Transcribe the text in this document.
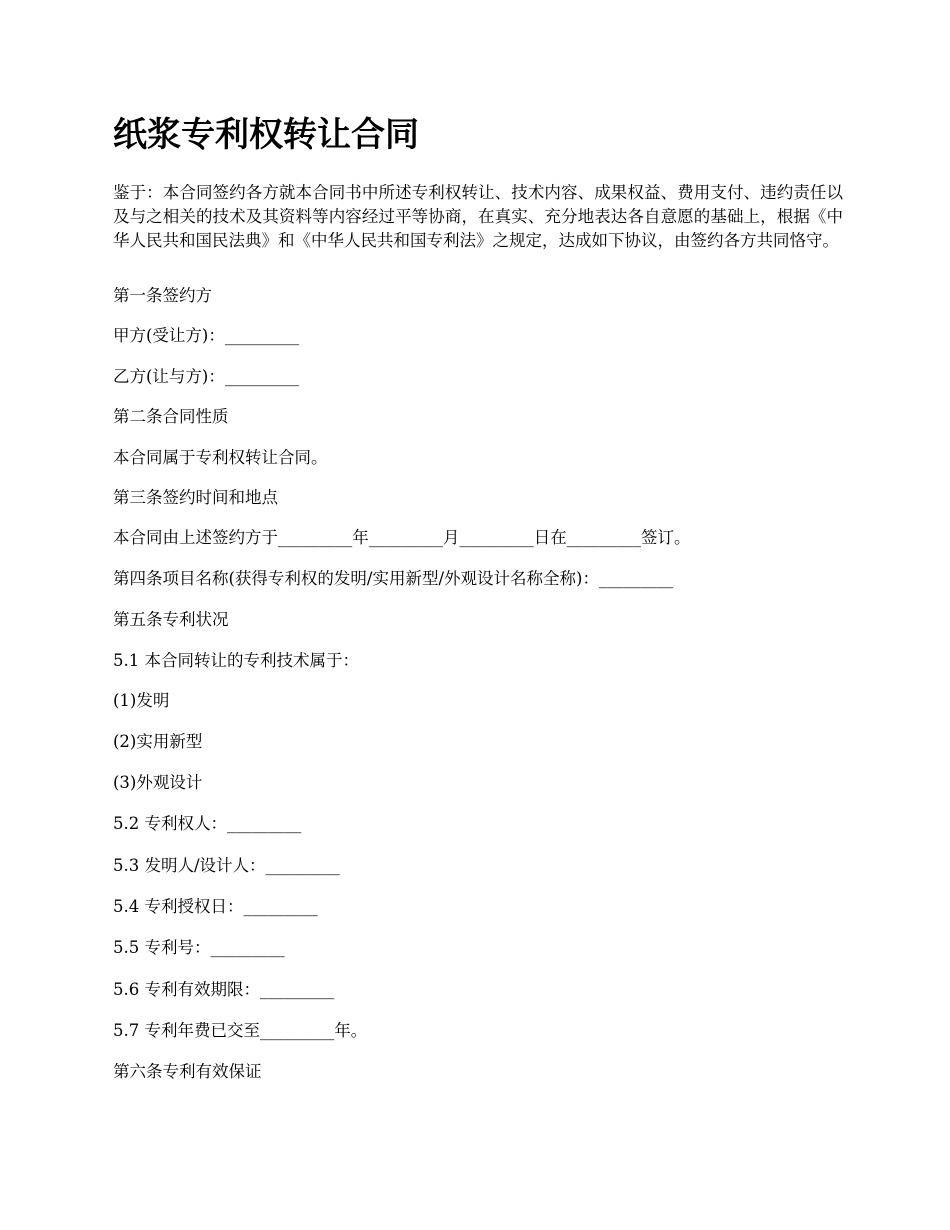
纸浆专利权转让合同

鉴于：本合同签约各方就本合同书中所述专利权转让、技术内容、成果权益、费用支付、违约责任以及与之相关的技术及其资料等内容经过平等协商，在真实、充分地表达各自意愿的基础上，根据《中华人民共和国民法典》和《中华人民共和国专利法》之规定，达成如下协议，由签约各方共同恪守。

第一条签约方

甲方(受让方)：_________

乙方(让与方)：_________

第二条合同性质

本合同属于专利权转让合同。

第三条签约时间和地点

本合同由上述签约方于_________年_________月_________日在_________签订。

第四条项目名称(获得专利权的发明/实用新型/外观设计名称全称)：_________

第五条专利状况

5.1 本合同转让的专利技术属于：

(1)发明

(2)实用新型

(3)外观设计

5.2 专利权人：_________

5.3 发明人/设计人：_________

5.4 专利授权日：_________

5.5 专利号：_________

5.6 专利有效期限：_________

5.7 专利年费已交至_________年。

第六条专利有效保证
